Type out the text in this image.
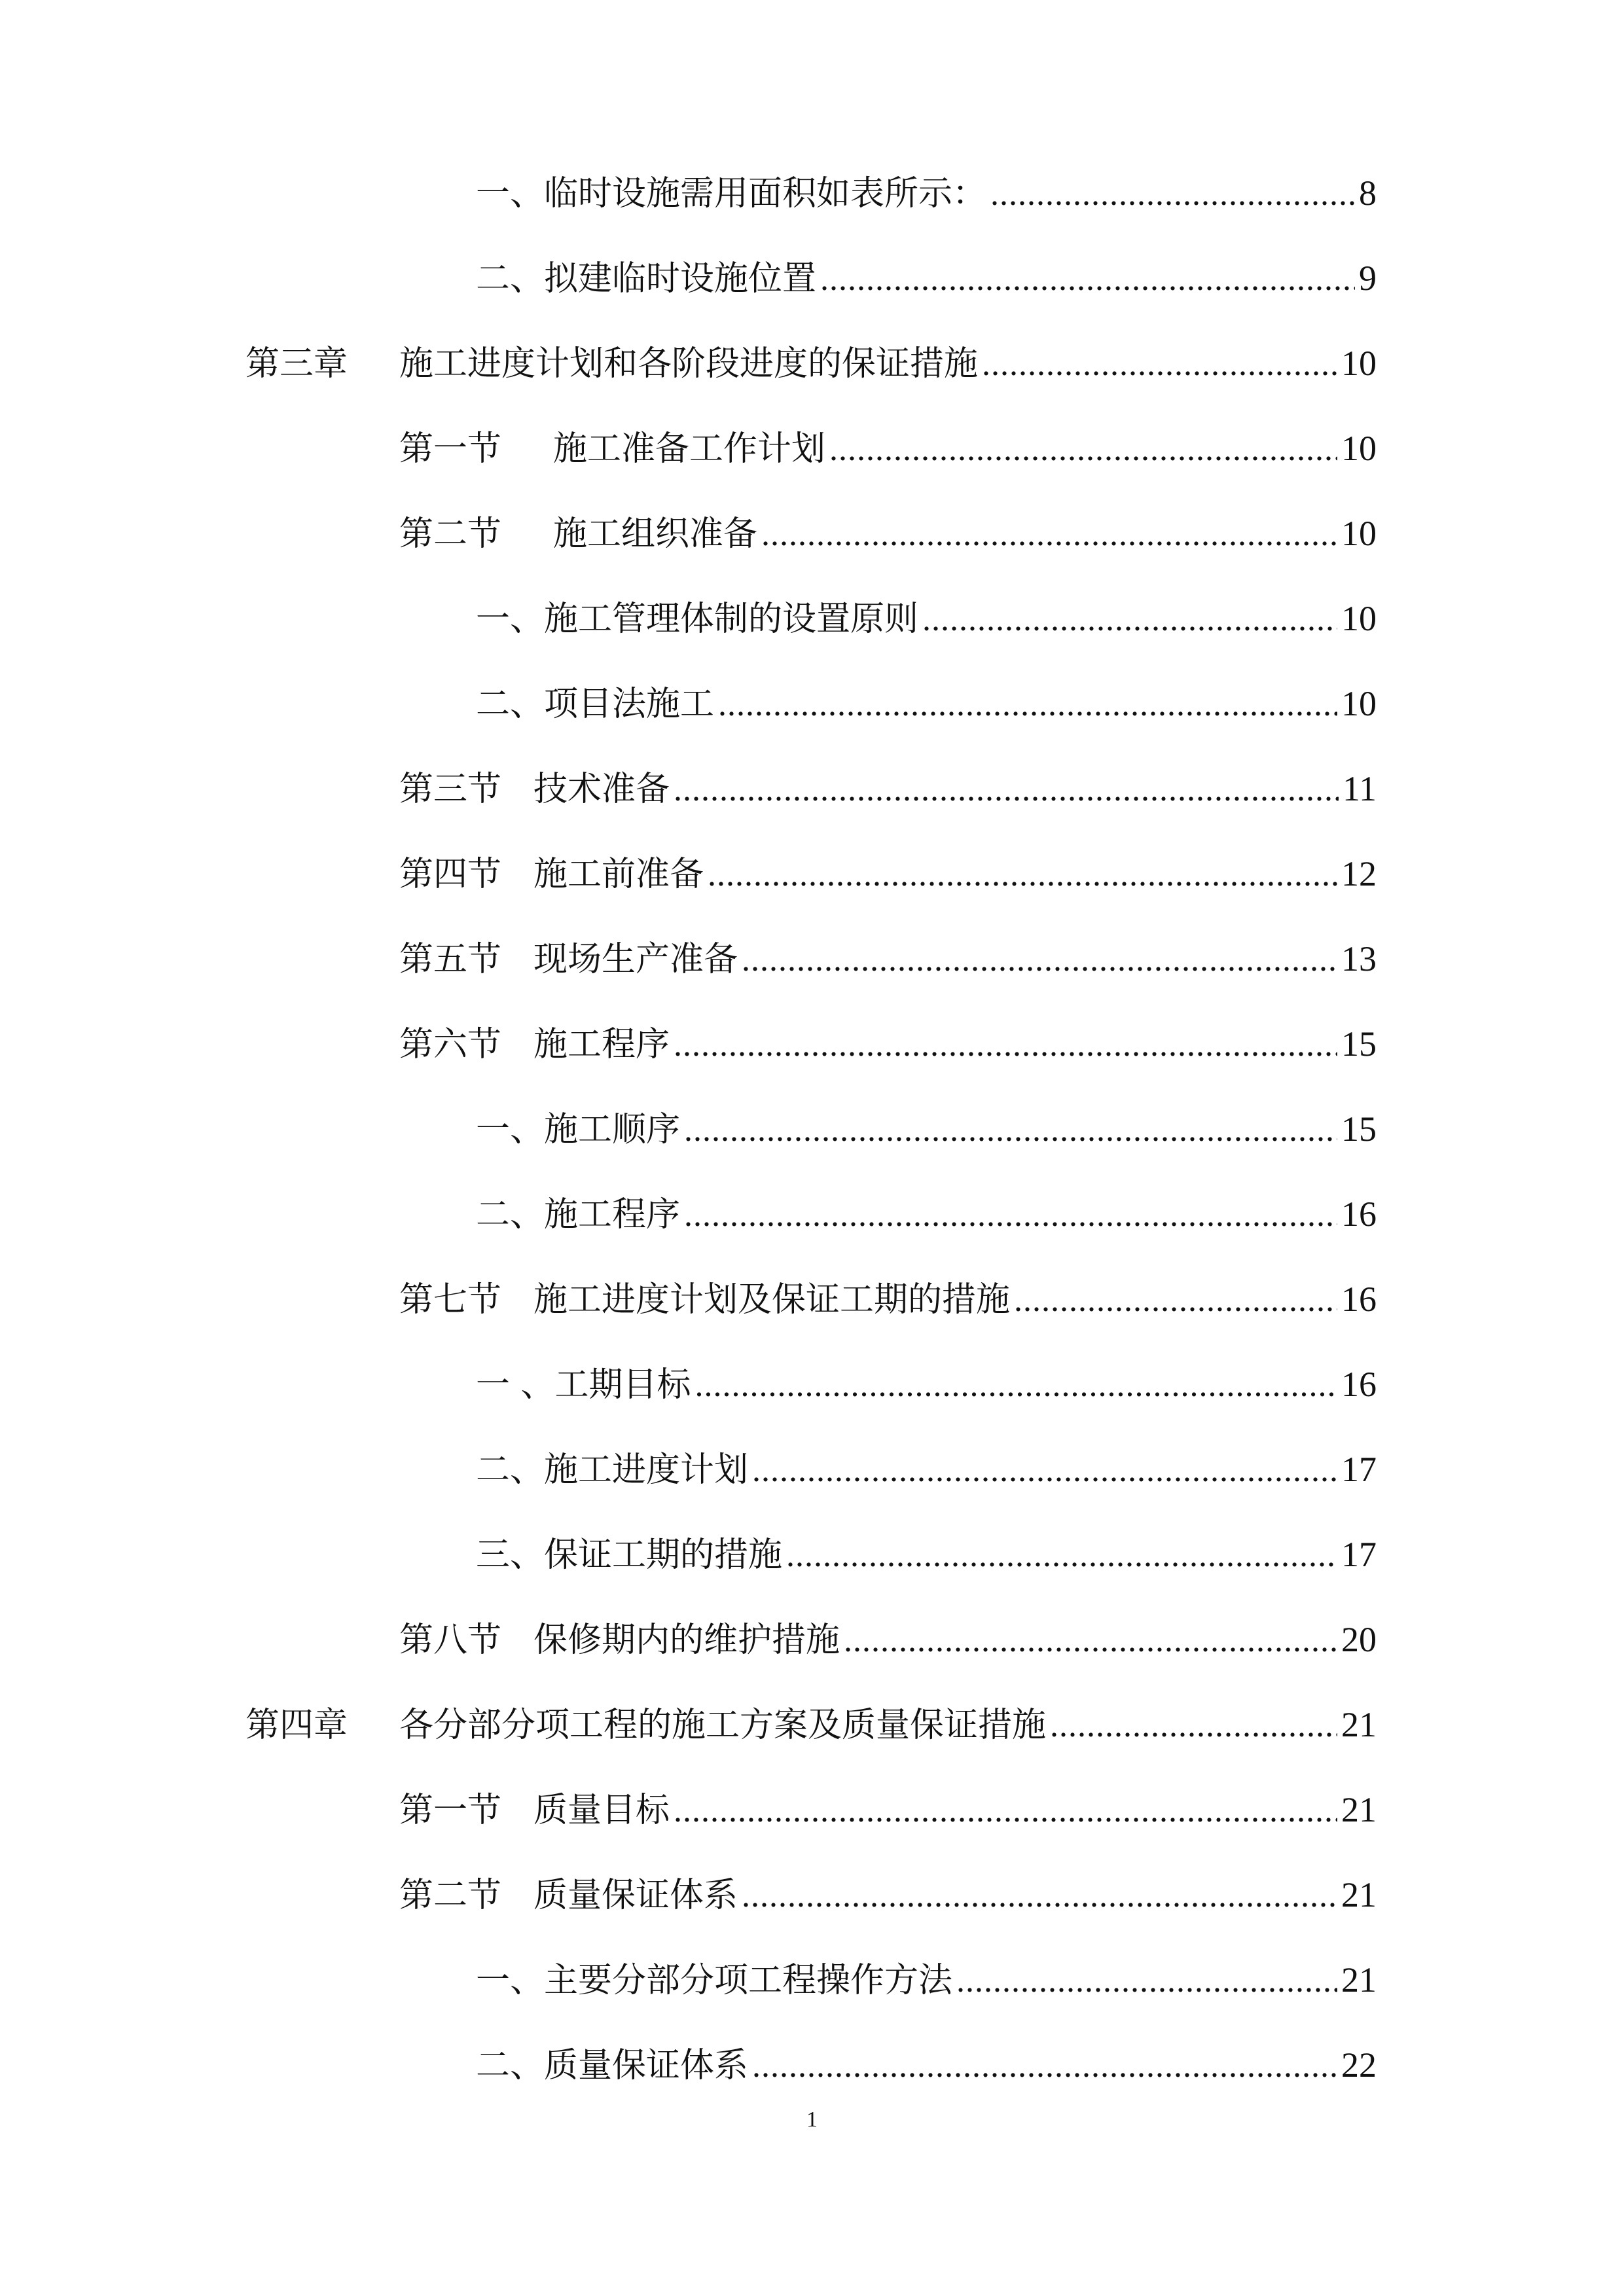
一、 临时设施需用面积如表所示： .....	8
二、 拟建临时设施位置 .....	9
第三章	施工进度计划和各阶段进度的保证措施 .....	10
第一节	施工准备工作计划 .....	10
第二节	施工组织准备 .....	10
一、 施工管理体制的设置原则 .....	10
二、 项目法施工 .....	10
第三节 技术准备 .....	11
第四节 施工前准备 .....	12
第五节 现场生产准备 .....	13
第六节 施工程序 .....	15
一、 施工顺序 .....	15
二、 施工程序 .....	16
第七节 施工进度计划及保证工期的措施 .....	16
一 、 工期目标 .....	16
二、 施工进度计划 .....	17
三、 保证工期的措施 .....	17
第八节 保修期内的维护措施 .....	20
第四章	各分部分项工程的施工方案及质量保证措施 .....	21
第一节 质量目标 .....	21
第二节 质量保证体系 .....	21
一、 主要分部分项工程操作方法 .....	21
二、 质量保证体系 .....	22
1
